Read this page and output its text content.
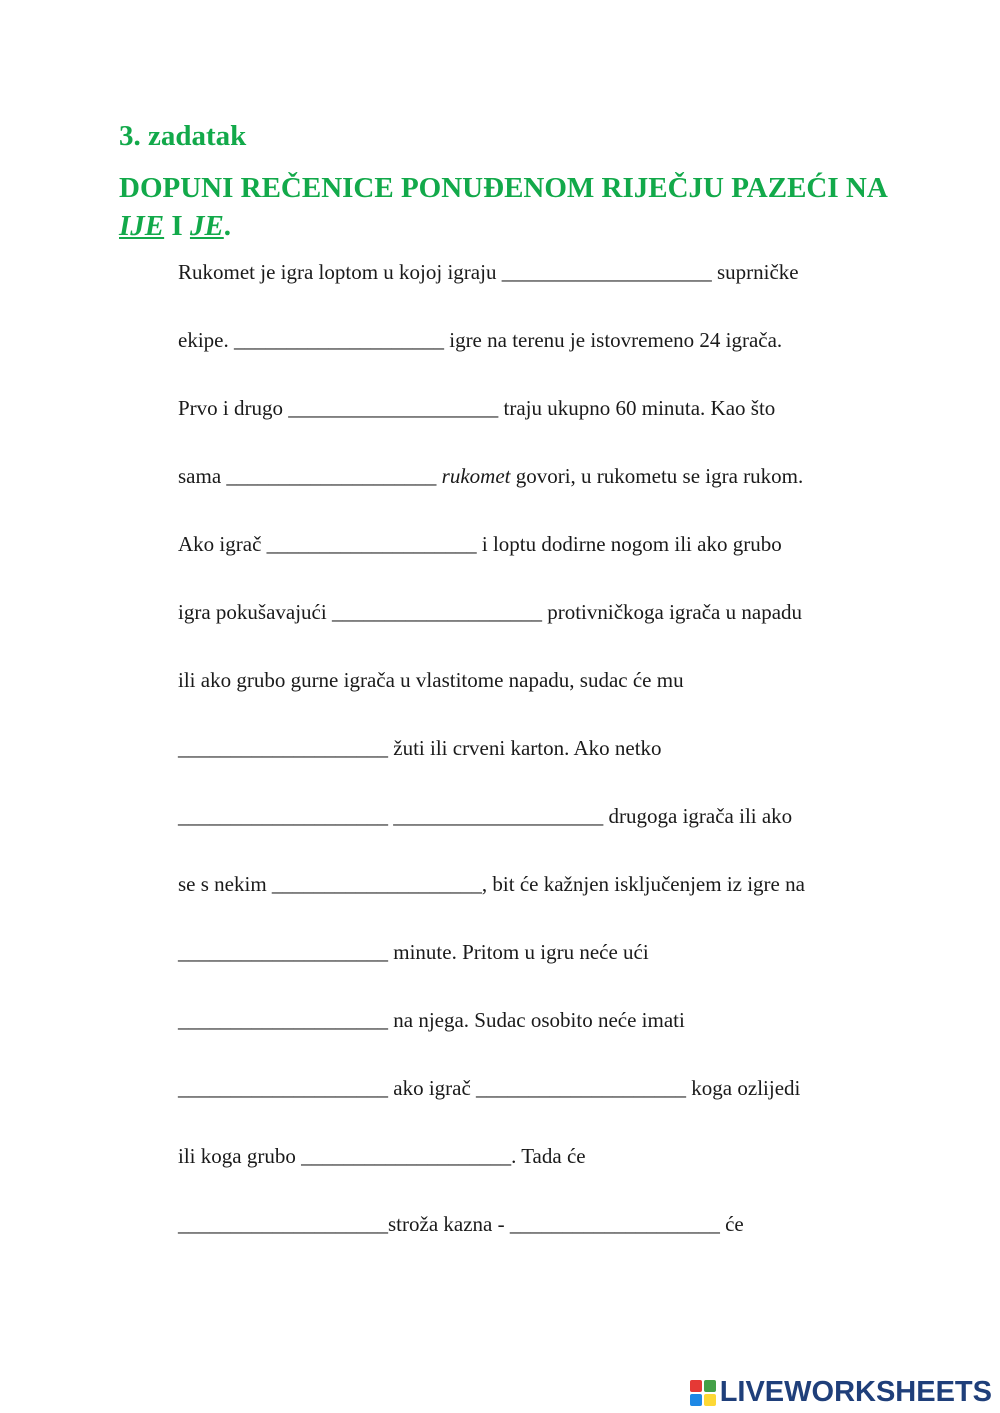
3. zadatak
DOPUNI REČENICE PONUĐENOM RIJEČJU PAZEĆI NA IJE I JE.
Rukomet je igra loptom u kojoj igraju ____________________ suprničke
ekipe. ____________________ igre na terenu je istovremeno 24 igrača.
Prvo i drugo ____________________ traju ukupno 60 minuta. Kao što
sama ____________________ rukomet govori, u rukometu se igra rukom.
Ako igrač ____________________ i loptu dodirne nogom ili ako grubo
igra pokušavajući ____________________ protivničkoga igrača u napadu
ili ako grubo gurne igrača u vlastitome napadu, sudac će mu
____________________ žuti ili crveni karton. Ako netko
____________________ ____________________ drugoga igrača ili ako
se s nekim ____________________, bit će kažnjen isključenjem iz igre na
____________________ minute. Pritom u igru neće ući
____________________ na njega. Sudac osobito neće imati
____________________ ako igrač ____________________ koga ozlijedi
ili koga grubo ____________________. Tada će
____________________stroža kazna - ____________________ će
LIVEWORKSHEETS
